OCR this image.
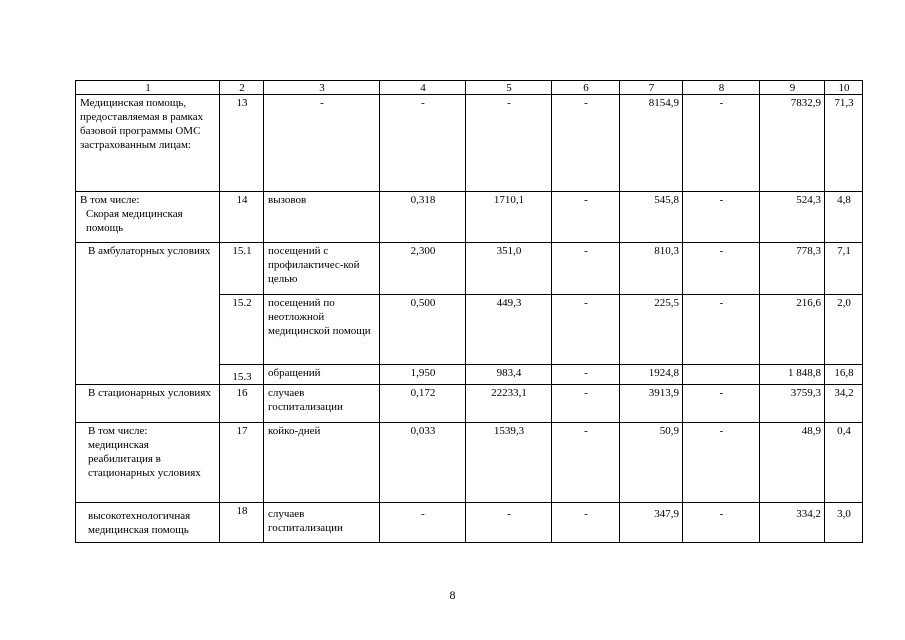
1	2	3	4	5	6	7	8	9	10
Медицинская помощь, предоставляемая в рамках базовой программы ОМС застрахованным лицам:	13	-	-	-	-	8154,9	-	7832,9	71,3

В том числе:
Скорая медицинская помощь	14	вызовов	0,318	1710,1	-	545,8	-	524,3	4,8
В амбулаторных условиях	15.1	посещений с профилактичес-кой целью	2,300	351,0	-	810,3	-	778,3	7,1
	15.2	посещений по неотложной медицинской помощи	0,500	449,3	-	225,5	-	216,6	2,0
	15.3	обращений	1,950	983,4	-	1924,8		1 848,8	16,8
В стационарных условиях	16	случаев госпитализации	0,172	22233,1	-	3913,9	-	3759,3	34,2

В том числе:
медицинская реабилитация в стационарных условиях	17	койко-дней	0,033	1539,3	-	50,9	-	48,9	0,4
высокотехнологичная медицинская помощь	18	случаев госпитализации	-	-	-	347,9	-	334,2	3,0
8
